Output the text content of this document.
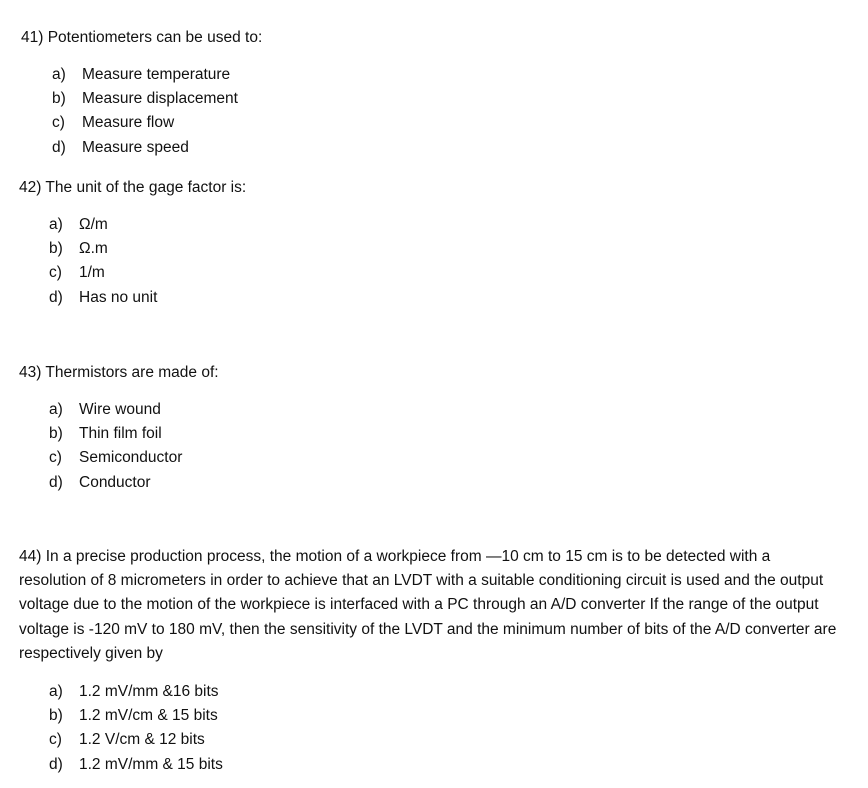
41) Potentiometers can be used to:
a) Measure temperature
b) Measure displacement
c) Measure flow
d) Measure speed
42) The unit of the gage factor is:
a) Ω/m
b) Ω.m
c) 1/m
d) Has no unit
43) Thermistors are made of:
a) Wire wound
b) Thin film foil
c) Semiconductor
d) Conductor
44) In a precise production process, the motion of a workpiece from —10 cm to 15 cm is to be detected with a resolution of 8 micrometers in order to achieve that an LVDT with a suitable conditioning circuit is used and the output voltage due to the motion of the workpiece is interfaced with a PC through an A/D converter If the range of the output voltage is -120 mV to 180 mV, then the sensitivity of the LVDT and the minimum number of bits of the A/D converter are respectively given by
a) 1.2 mV/mm &16 bits
b) 1.2 mV/cm & 15 bits
c) 1.2 V/cm & 12 bits
d) 1.2 mV/mm & 15 bits
